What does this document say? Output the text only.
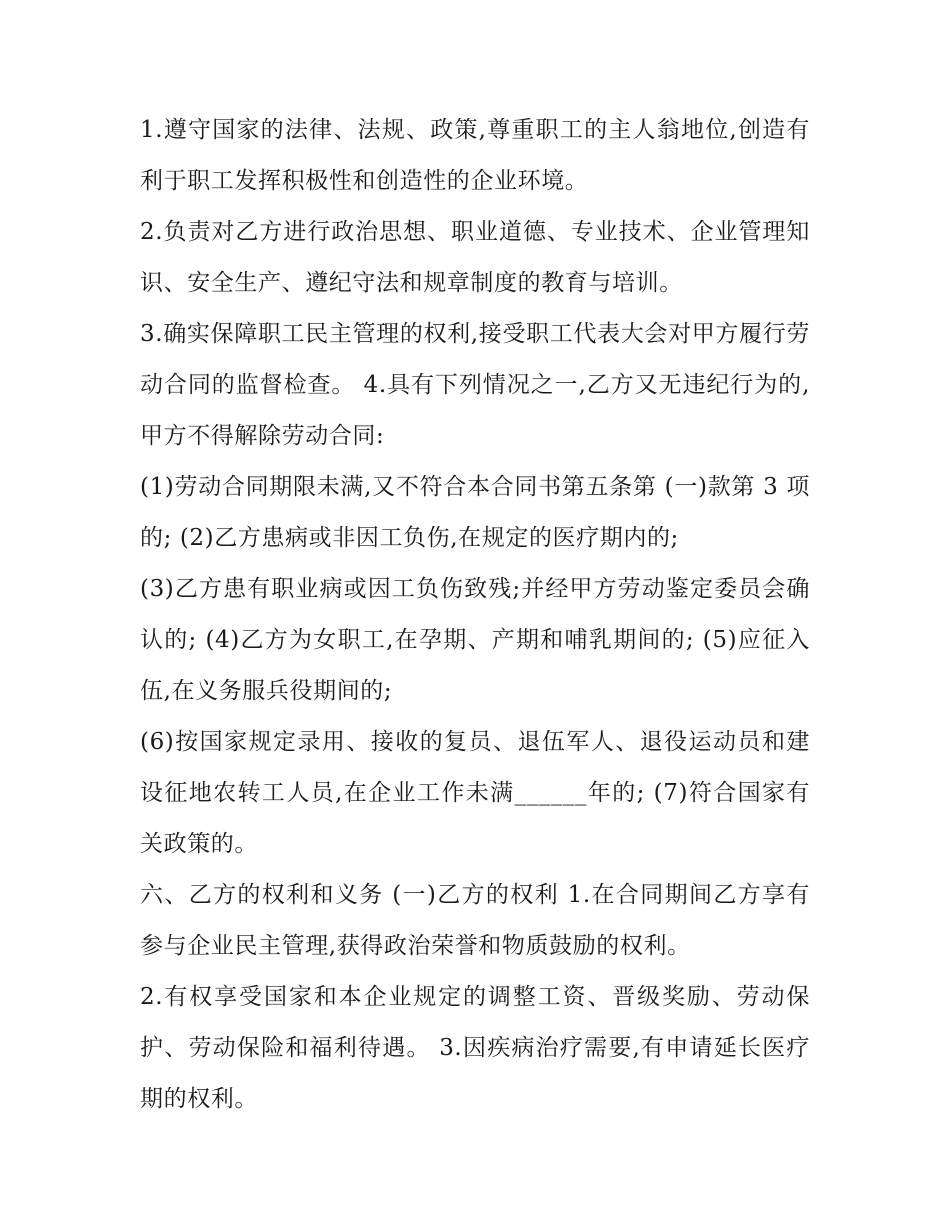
1.遵守国家的法律、法规、政策,尊重职工的主人翁地位,创造有利于职工发挥积极性和创造性的企业环境。

2.负责对乙方进行政治思想、职业道德、专业技术、企业管理知识、安全生产、遵纪守法和规章制度的教育与培训。

3.确实保障职工民主管理的权利,接受职工代表大会对甲方履行劳动合同的监督检查。 4.具有下列情况之一,乙方又无违纪行为的,甲方不得解除劳动合同:

(1)劳动合同期限未满,又不符合本合同书第五条第 (一)款第 3 项的; (2)乙方患病或非因工负伤,在规定的医疗期内的;

(3)乙方患有职业病或因工负伤致残;并经甲方劳动鉴定委员会确认的; (4)乙方为女职工,在孕期、产期和哺乳期间的; (5)应征入伍,在义务服兵役期间的;

(6)按国家规定录用、接收的复员、退伍军人、退役运动员和建设征地农转工人员,在企业工作未满______年的; (7)符合国家有关政策的。

六、乙方的权利和义务 (一)乙方的权利 1.在合同期间乙方享有参与企业民主管理,获得政治荣誉和物质鼓励的权利。

2.有权享受国家和本企业规定的调整工资、晋级奖励、劳动保护、劳动保险和福利待遇。 3.因疾病治疗需要,有申请延长医疗期的权利。
